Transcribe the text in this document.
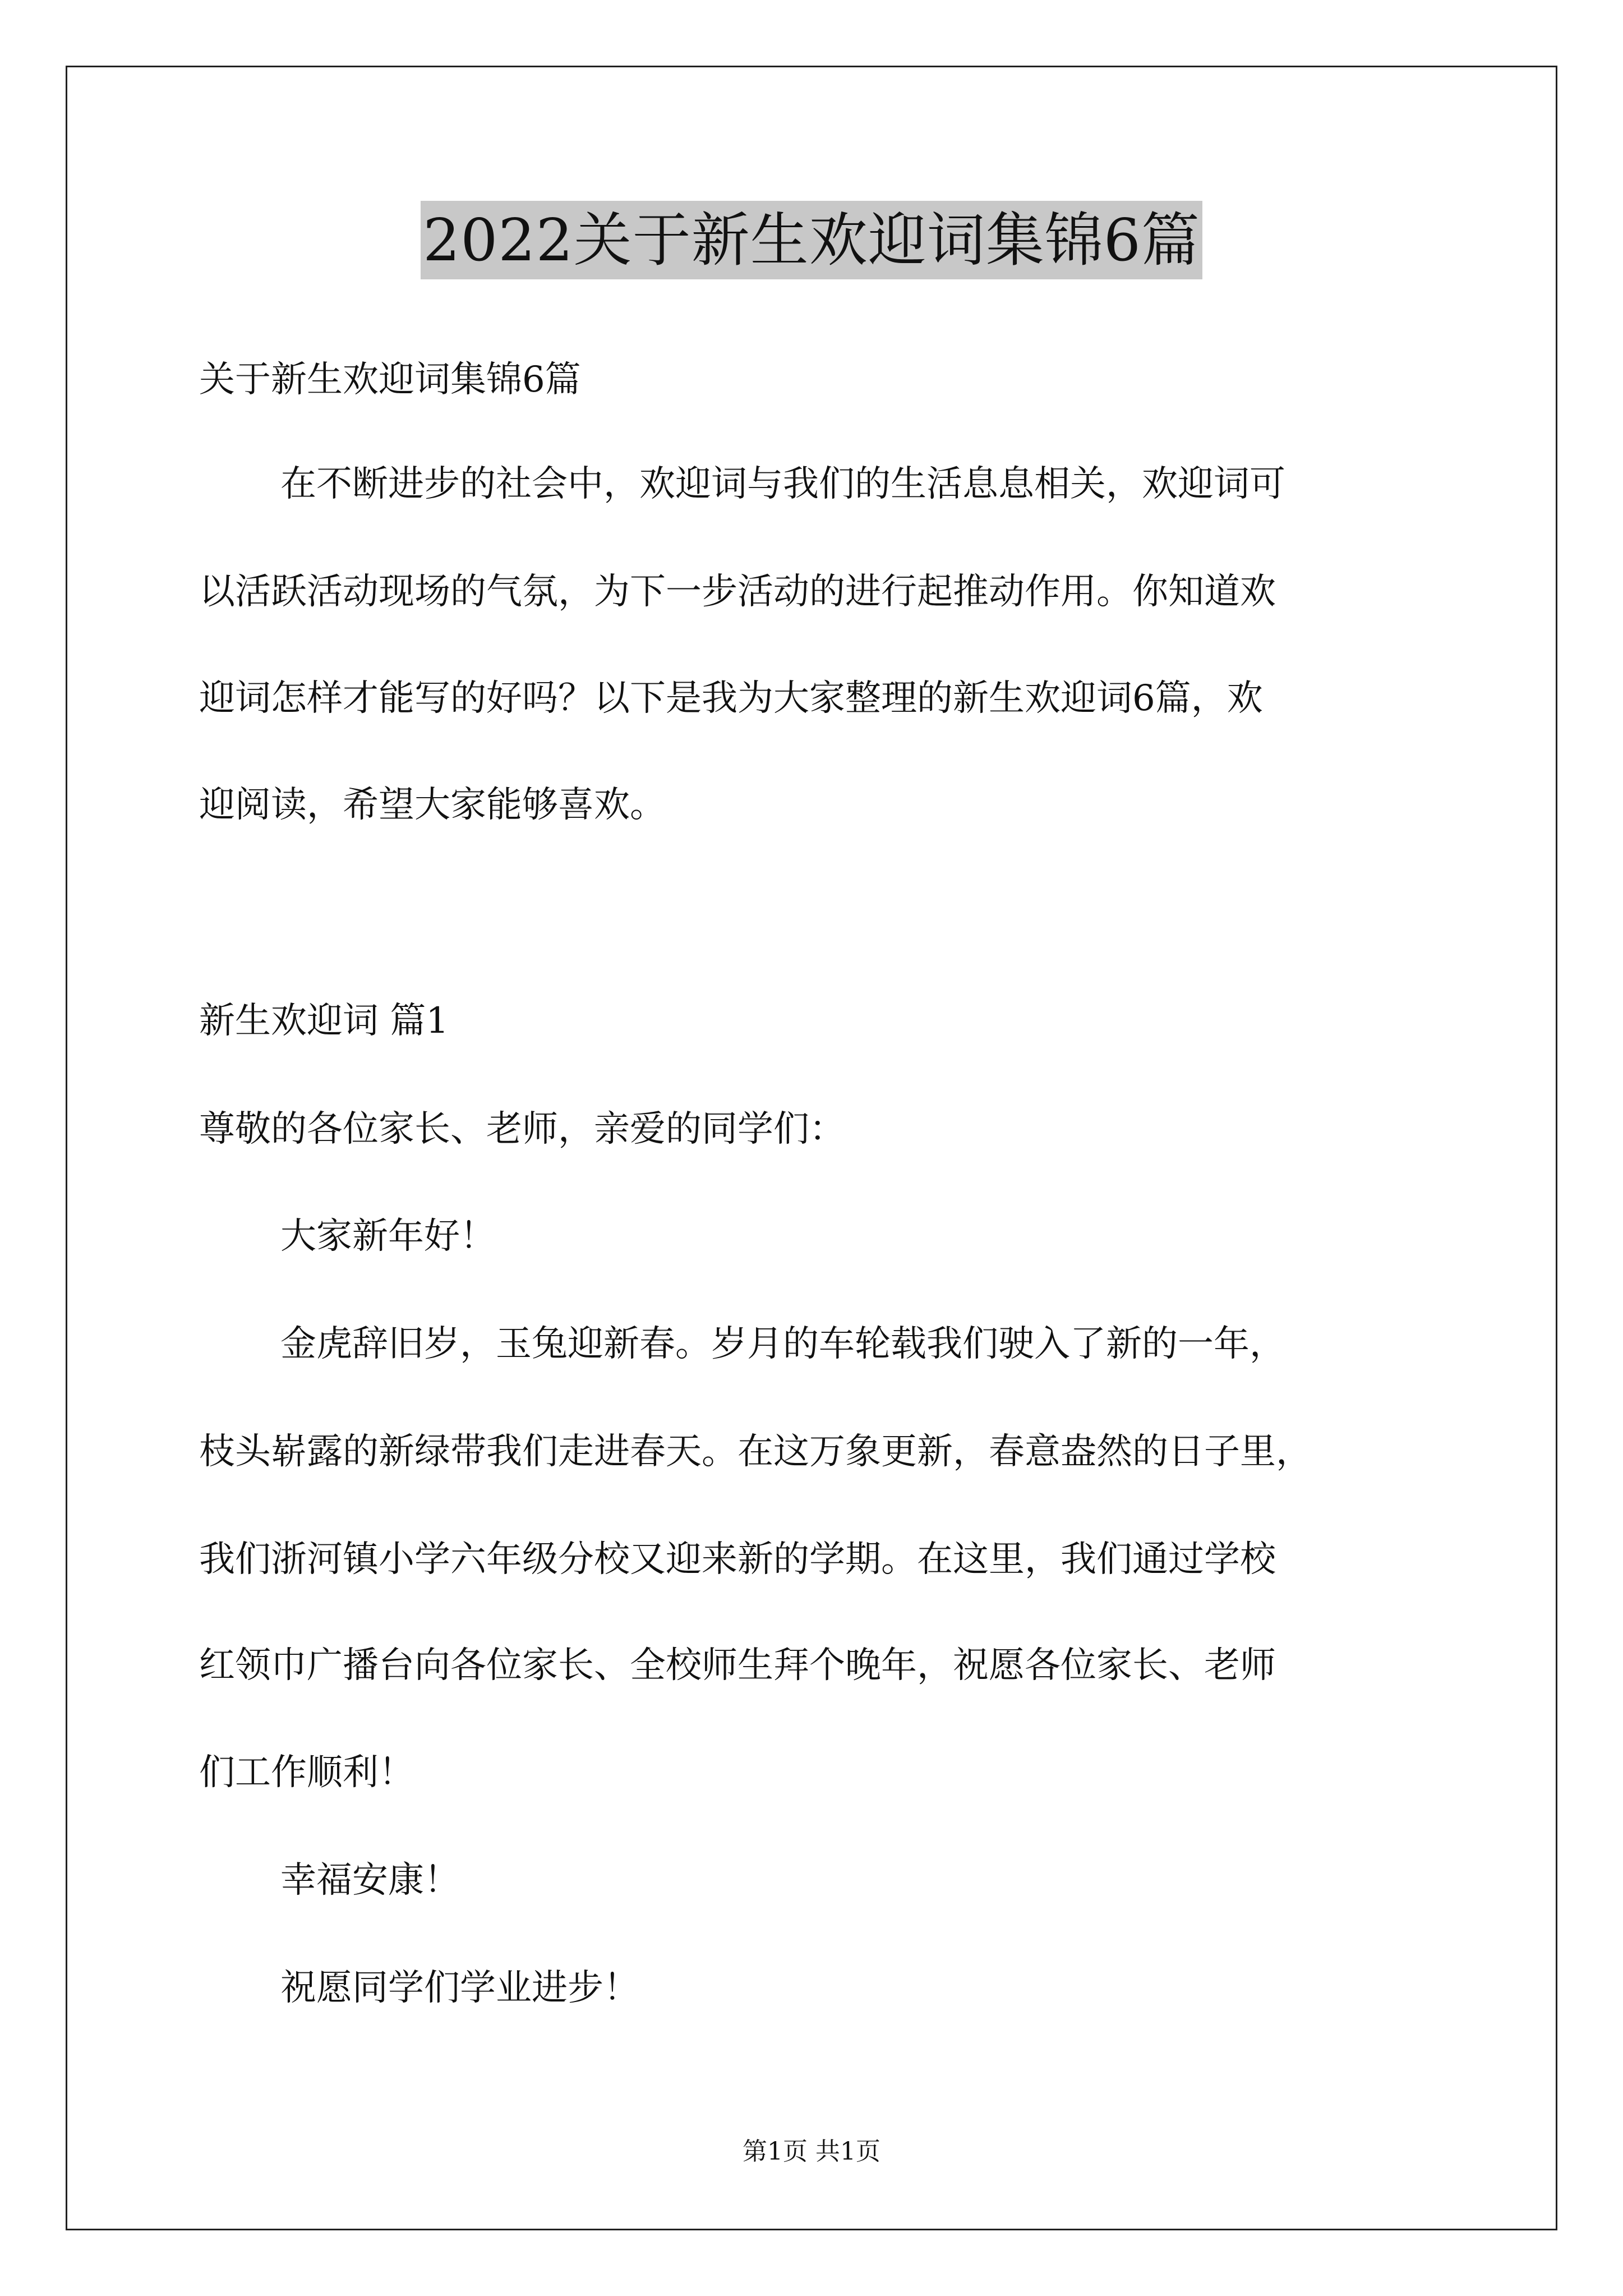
2022关于新生欢迎词集锦6篇
关于新生欢迎词集锦6篇
在不断进步的社会中，欢迎词与我们的生活息息相关，欢迎词可
以活跃活动现场的气氛，为下一步活动的进行起推动作用。你知道欢
迎词怎样才能写的好吗？以下是我为大家整理的新生欢迎词6篇，欢
迎阅读，希望大家能够喜欢。
新生欢迎词 篇1
尊敬的各位家长、老师，亲爱的同学们：
大家新年好！
金虎辞旧岁，玉兔迎新春。岁月的车轮载我们驶入了新的一年，
枝头崭露的新绿带我们走进春天。在这万象更新，春意盎然的日子里，
我们浙河镇小学六年级分校又迎来新的学期。在这里，我们通过学校
红领巾广播台向各位家长、全校师生拜个晚年，祝愿各位家长、老师
们工作顺利！
幸福安康！
祝愿同学们学业进步！
第1页 共1页
